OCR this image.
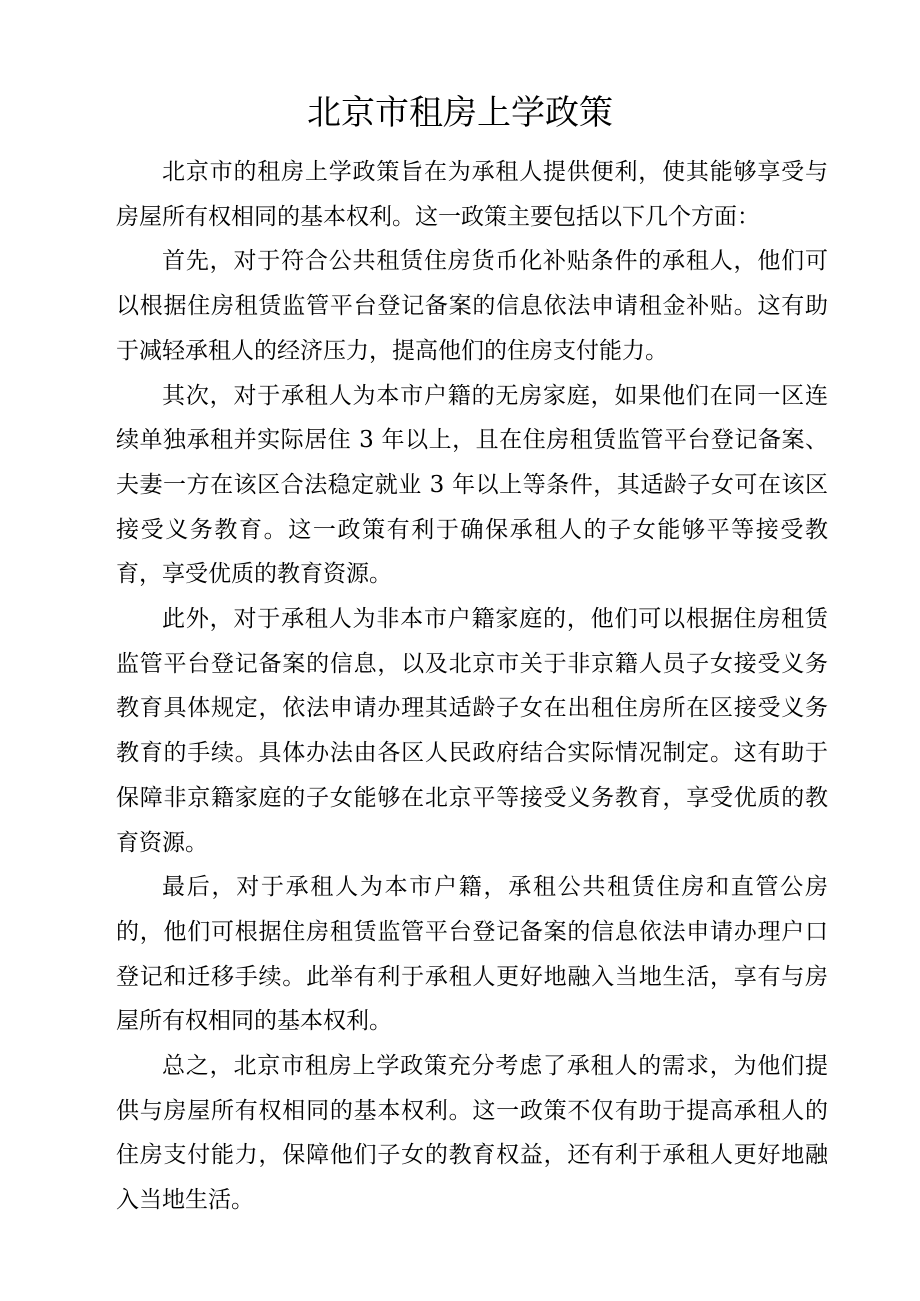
北京市租房上学政策

北京市的租房上学政策旨在为承租人提供便利，使其能够享受与房屋所有权相同的基本权利。这一政策主要包括以下几个方面：

首先，对于符合公共租赁住房货币化补贴条件的承租人，他们可以根据住房租赁监管平台登记备案的信息依法申请租金补贴。这有助于减轻承租人的经济压力，提高他们的住房支付能力。

其次，对于承租人为本市户籍的无房家庭，如果他们在同一区连续单独承租并实际居住 3 年以上，且在住房租赁监管平台登记备案、夫妻一方在该区合法稳定就业 3 年以上等条件，其适龄子女可在该区接受义务教育。这一政策有利于确保承租人的子女能够平等接受教育，享受优质的教育资源。

此外，对于承租人为非本市户籍家庭的，他们可以根据住房租赁监管平台登记备案的信息，以及北京市关于非京籍人员子女接受义务教育具体规定，依法申请办理其适龄子女在出租住房所在区接受义务教育的手续。具体办法由各区人民政府结合实际情况制定。这有助于保障非京籍家庭的子女能够在北京平等接受义务教育，享受优质的教育资源。

最后，对于承租人为本市户籍，承租公共租赁住房和直管公房的，他们可根据住房租赁监管平台登记备案的信息依法申请办理户口登记和迁移手续。此举有利于承租人更好地融入当地生活，享有与房屋所有权相同的基本权利。

总之，北京市租房上学政策充分考虑了承租人的需求，为他们提供与房屋所有权相同的基本权利。这一政策不仅有助于提高承租人的住房支付能力，保障他们子女的教育权益，还有利于承租人更好地融入当地生活。
